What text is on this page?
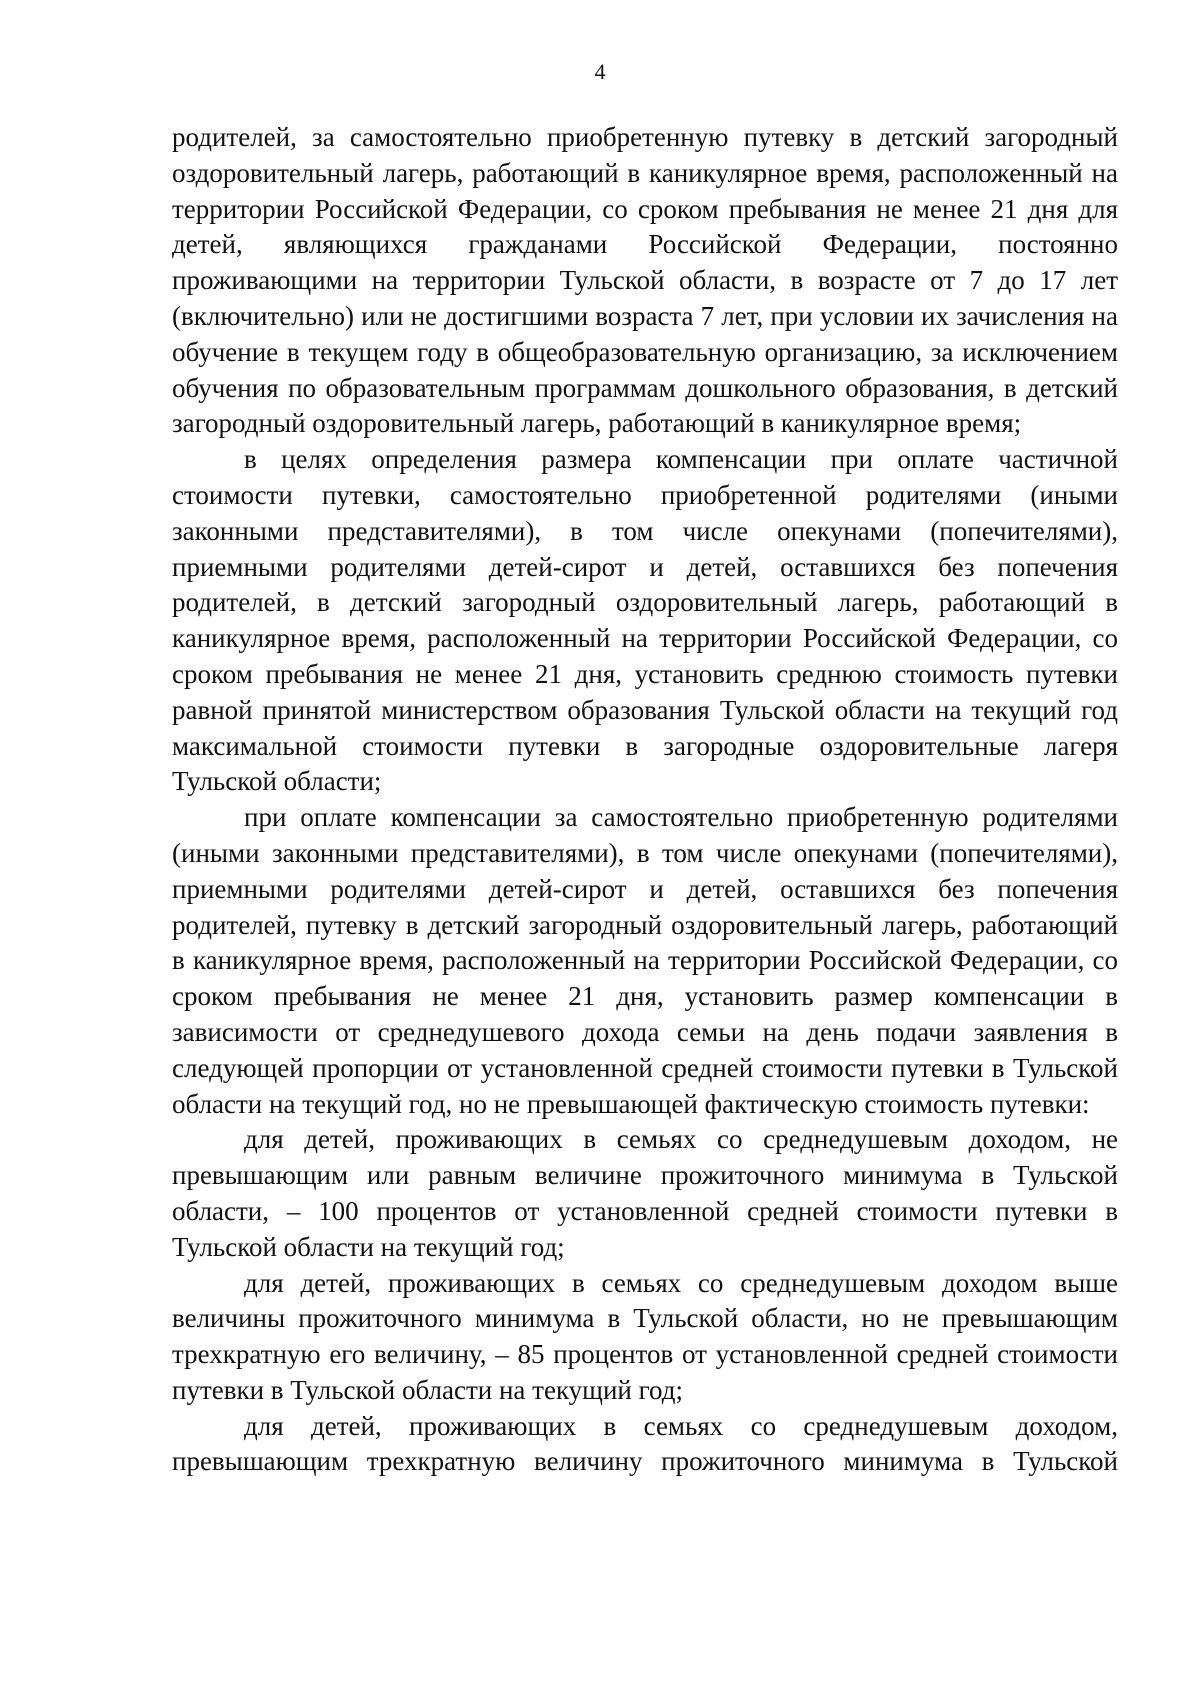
4

родителей, за самостоятельно приобретенную путевку в детский загородный оздоровительный лагерь, работающий в каникулярное время, расположенный на территории Российской Федерации, со сроком пребывания не менее 21 дня для детей, являющихся гражданами Российской Федерации, постоянно проживающими на территории Тульской области, в возрасте от 7 до 17 лет (включительно) или не достигшими возраста 7 лет, при условии их зачисления на обучение в текущем году в общеобразовательную организацию, за исключением обучения по образовательным программам дошкольного образования, в детский загородный оздоровительный лагерь, работающий в каникулярное время;

в целях определения размера компенсации при оплате частичной стоимости путевки, самостоятельно приобретенной родителями (иными законными представителями), в том числе опекунами (попечителями), приемными родителями детей-сирот и детей, оставшихся без попечения родителей, в детский загородный оздоровительный лагерь, работающий в каникулярное время, расположенный на территории Российской Федерации, со сроком пребывания не менее 21 дня, установить среднюю стоимость путевки равной принятой министерством образования Тульской области на текущий год максимальной стоимости путевки в загородные оздоровительные лагеря Тульской области;

при оплате компенсации за самостоятельно приобретенную родителями (иными законными представителями), в том числе опекунами (попечителями), приемными родителями детей-сирот и детей, оставшихся без попечения родителей, путевку в детский загородный оздоровительный лагерь, работающий в каникулярное время, расположенный на территории Российской Федерации, со сроком пребывания не менее 21 дня, установить размер компенсации в зависимости от среднедушевого дохода семьи на день подачи заявления в следующей пропорции от установленной средней стоимости путевки в Тульской области на текущий год, но не превышающей фактическую стоимость путевки:

для детей, проживающих в семьях со среднедушевым доходом, не превышающим или равным величине прожиточного минимума в Тульской области, – 100 процентов от установленной средней стоимости путевки в Тульской области на текущий год;

для детей, проживающих в семьях со среднедушевым доходом выше величины прожиточного минимума в Тульской области, но не превышающим трехкратную его величину, – 85 процентов от установленной средней стоимости путевки в Тульской области на текущий год;

для детей, проживающих в семьях со среднедушевым доходом, превышающим трехкратную величину прожиточного минимума в Тульской
